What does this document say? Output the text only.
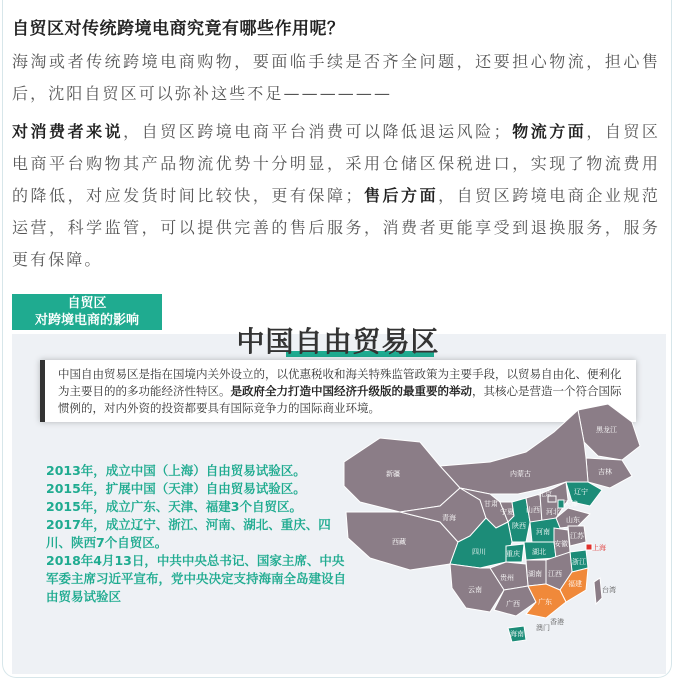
自贸区对传统跨境电商究竟有哪些作用呢？
海淘或者传统跨境电商购物，要面临手续是否齐全问题，还要担心物流，担心售后，沈阳自贸区可以弥补这些不足——————
对消费者来说，自贸区跨境电商平台消费可以降低退运风险；物流方面，自贸区电商平台购物其产品物流优势十分明显，采用仓储区保税进口，实现了物流费用的降低，对应发货时间比较快，更有保障；售后方面，自贸区跨境电商企业规范运营，科学监管，可以提供完善的售后服务，消费者更能享受到退换服务，服务更有保障。
自贸区
对跨境电商的影响
中国自由贸易区
中国自由贸易区是指在国境内关外设立的，以优惠税收和海关特殊监管政策为主要手段，以贸易自由化、便利化为主要目的的多功能经济性特区。是政府全力打造中国经济升级版的最重要的举动，其核心是营造一个符合国际惯例的，对内外资的投资都要具有国际竞争力的国际商业环境。

2013年，成立中国（上海）自由贸易试验区。

2015年，扩展中国（天津）自由贸易试验区。

2015年，成立广东、天津、福建3个自贸区。

2017年，成立辽宁、浙江、河南、湖北、重庆、四川、陕西7个自贸区。

2018年4月13日，中共中央总书记、国家主席、中央军委主席习近平宣布，党中央决定支持海南全岛建设自由贸易试验区

黑龙江
吉林
辽宁
内蒙古
新疆
西藏
青海
甘肃
宁夏
陕西
山西 河北
北京
天津
山东
河南
四川	重庆 湖北
安徽
江苏
上海
浙江
湖南 江西
福建
贵州
云南
广西	广东
海南
台湾
香港
澳门
